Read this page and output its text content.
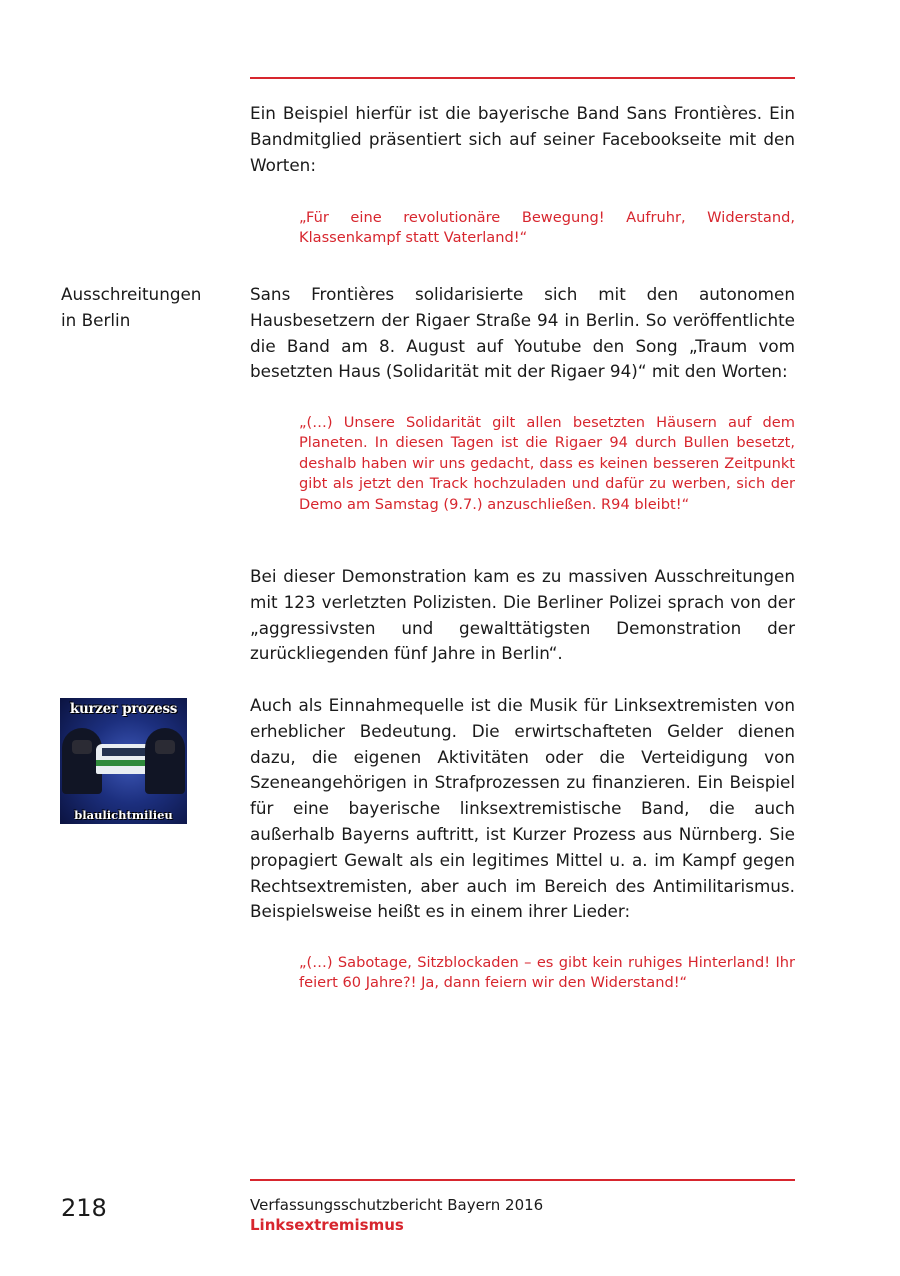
Ein Beispiel hierfür ist die bayerische Band Sans Frontières. Ein Bandmitglied präsentiert sich auf seiner Facebookseite mit den Worten:

„Für eine revolutionäre Bewegung! Aufruhr, Widerstand, Klassenkampf statt Vaterland!“

Ausschreitungen
in Berlin

Sans Frontières solidarisierte sich mit den autonomen Hausbesetzern der Rigaer Straße 94 in Berlin. So veröffentlichte die Band am 8. August auf Youtube den Song „Traum vom besetzten Haus (Solidarität mit der Rigaer 94)“ mit den Worten:

„(…) Unsere Solidarität gilt allen besetzten Häusern auf dem Planeten. In diesen Tagen ist die Rigaer 94 durch Bullen besetzt, deshalb haben wir uns gedacht, dass es keinen besseren Zeitpunkt gibt als jetzt den Track hochzuladen und dafür zu werben, sich der Demo am Samstag (9.7.) anzuschließen. R94 bleibt!“

Bei dieser Demonstration kam es zu massiven Ausschreitungen mit 123 verletzten Polizisten. Die Berliner Polizei sprach von der „aggressivsten und gewalttätigsten Demonstration der zurückliegenden fünf Jahre in Berlin“.

kurzer prozess
blaulichtmilieu

Auch als Einnahmequelle ist die Musik für Linksextremisten von erheblicher Bedeutung. Die erwirtschafteten Gelder dienen dazu, die eigenen Aktivitäten oder die Verteidigung von Szeneangehörigen in Strafprozessen zu finanzieren. Ein Beispiel für eine bayerische linksextremistische Band, die auch außerhalb Bayerns auftritt, ist Kurzer Prozess aus Nürnberg. Sie propagiert Gewalt als ein legitimes Mittel u. a. im Kampf gegen Rechtsextremisten, aber auch im Bereich des Antimilitarismus. Beispielsweise heißt es in einem ihrer Lieder:

„(…) Sabotage, Sitzblockaden – es gibt kein ruhiges Hinterland! Ihr feiert 60 Jahre?! Ja, dann feiern wir den Widerstand!“

218	Verfassungsschutzbericht Bayern 2016
Linksextremismus
